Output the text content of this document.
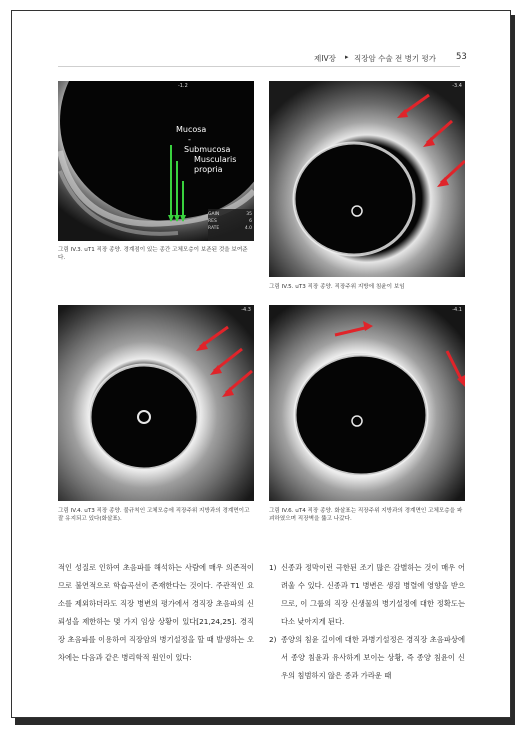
제IV장 ▸ 직장암 수술 전 병기 평가 53
-1.2
Mucosa
-
Submucosa
Muscularis
propria
GAIN	35
RES	6
RATE	4.0
그림 IV.3. uT1 직장 종양. 경계점이 있는 종간 고체모층이 보존된 것을 보여준다.
-3.4
그림 IV.5. uT3 직장 종양. 직장주위 지방에 침윤이 보임
-4.3
그림 IV.4. uT3 직장 종양. 불규칙인 고체모층에 직장주위 지방과의 경계면이고 잘 유지되고 있다(화살표).
-4.1
그림 IV.6. uT4 직장 종양. 화살표는 직장주위 지방과의 경계면인 고체모층을 파괴하였으며 직장벽을 뚫고 나갔다.

적인 성질로 인하여 초음파를 해석하는 사람에 매우 의존적이므로 불연적으로 학습곡선이 존재한다는 것이다. 주관적인 요소를 제외하더라도 직장 병변의 평가에서 경직장 초음파의 신뢰성을 제한하는 몇 가지 임상 상황이 있다[21,24,25]. 경직장 초음파를 이용하여 직장암의 병기설정을 할 때 발생하는 오차에는 다음과 같은 병리학적 원인이 있다:

1) 신종과 정막이런 극한된 조기 많은 감별하는 것이 매우 어려울 수 있다. 신종과 T1 병변은 생검 병렬에 영향을 받으므로, 이 그룹의 직장 신생물의 병기설정에 대한 정확도는 다소 낮아지게 된다.

2) 종양의 침윤 길이에 대한 과병기설정은 경직장 초음파상에서 종양 침윤과 유사하게 보이는 상황, 즉 종양 침윤이 신우의 침범하지 않은 종과 가라운 때
